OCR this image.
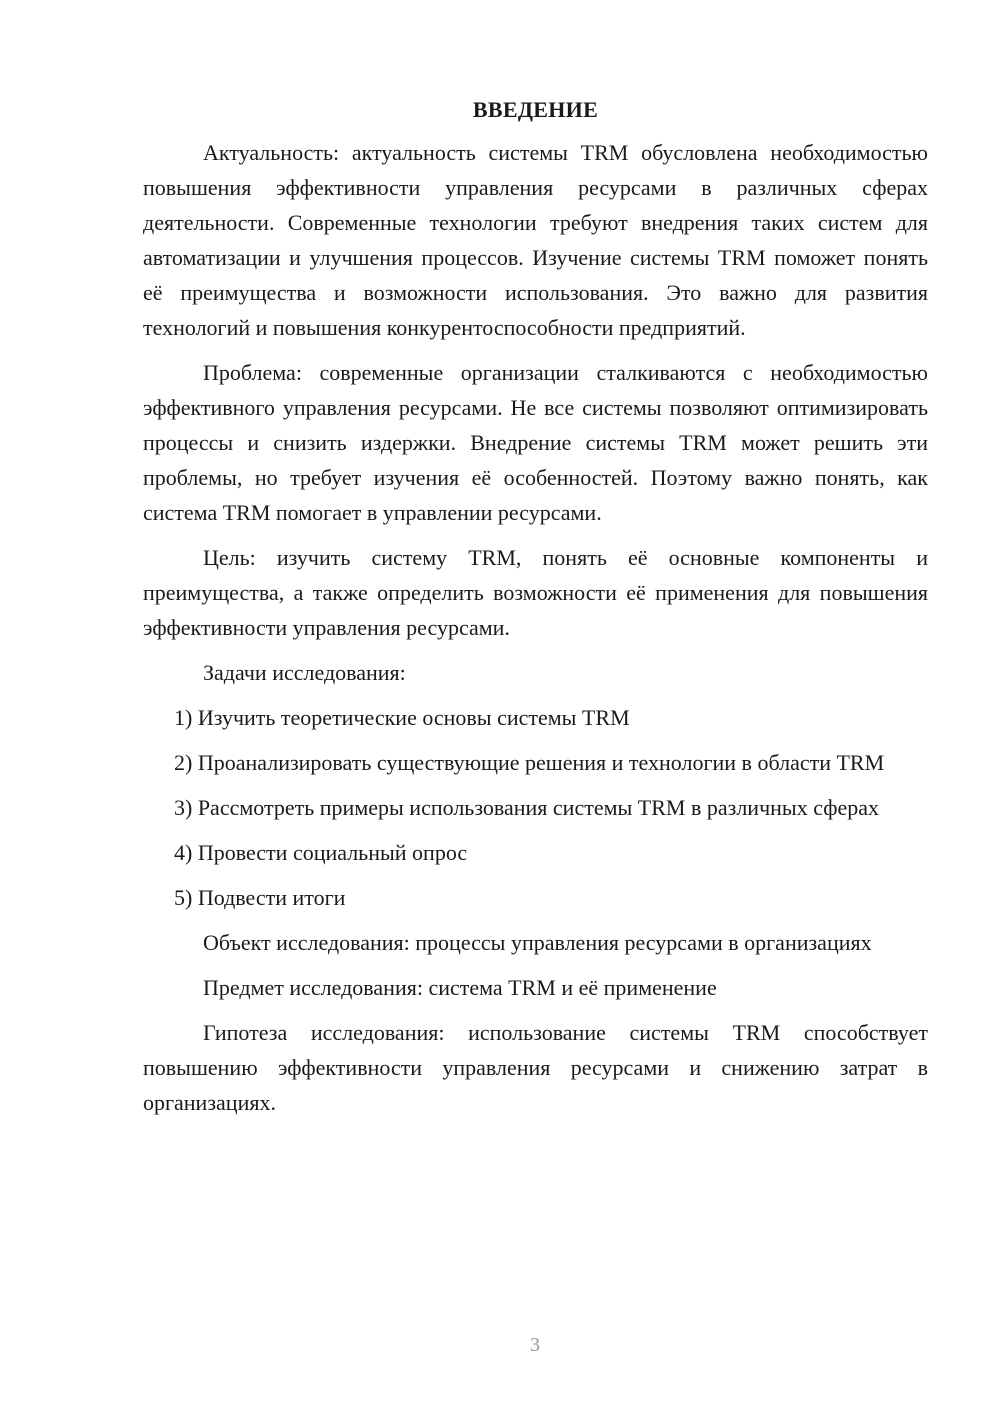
ВВЕДЕНИЕ

Актуальность: актуальность системы TRM обусловлена необходимостью повышения эффективности управления ресурсами в различных сферах деятельности. Современные технологии требуют внедрения таких систем для автоматизации и улучшения процессов. Изучение системы TRM поможет понять её преимущества и возможности использования. Это важно для развития технологий и повышения конкурентоспособности предприятий.

Проблема: современные организации сталкиваются с необходимостью эффективного управления ресурсами. Не все системы позволяют оптимизировать процессы и снизить издержки. Внедрение системы TRM может решить эти проблемы, но требует изучения её особенностей. Поэтому важно понять, как система TRM помогает в управлении ресурсами.

Цель: изучить систему TRM, понять её основные компоненты и преимущества, а также определить возможности её применения для повышения эффективности управления ресурсами.

Задачи исследования:

1) Изучить теоретические основы системы TRM

2) Проанализировать существующие решения и технологии в области TRM

3) Рассмотреть примеры использования системы TRM в различных сферах

4) Провести социальный опрос

5) Подвести итоги

Объект исследования: процессы управления ресурсами в организациях

Предмет исследования: система TRM и её применение

Гипотеза исследования: использование системы TRM способствует повышению эффективности управления ресурсами и снижению затрат в организациях.

3
